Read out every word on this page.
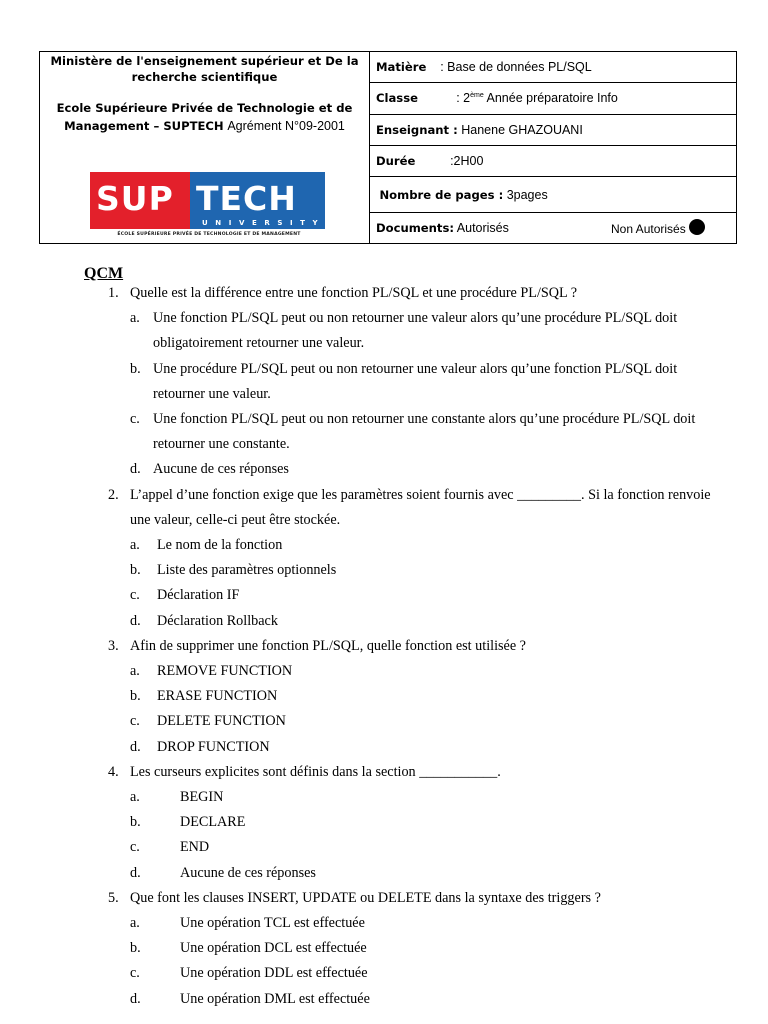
Ministère de l'enseignement supérieur et De la recherche scientifique
Ecole Supérieure Privée de Technologie et de Management – SUPTECH Agrément N°09-2001
SUP TECH
UNIVERSITY
ÉCOLE SUPÉRIEURE PRIVÉE DE TECHNOLOGIE ET DE MANAGEMENT
	Matière : Base de données PL/SQL
Classe	: 2ème Année préparatoire Info
Enseignant : Hanene GHAZOUANI
Durée	:2H00
Nombre de pages : 3pages
Documents: Autorisés	Non Autorisés
QCM
1. Quelle est la différence entre une fonction PL/SQL et une procédure PL/SQL ?
a. Une fonction PL/SQL peut ou non retourner une valeur alors qu’une procédure PL/SQL doit
obligatoirement retourner une valeur.
b. Une procédure PL/SQL peut ou non retourner une valeur alors qu’une fonction PL/SQL doit
retourner une valeur.
c. Une fonction PL/SQL peut ou non retourner une constante alors qu’une procédure PL/SQL doit
retourner une constante.
d. Aucune de ces réponses
2. L’appel d’une fonction exige que les paramètres soient fournis avec _________. Si la fonction renvoie
une valeur, celle-ci peut être stockée.
a. Le nom de la fonction
b. Liste des paramètres optionnels
c. Déclaration IF
d. Déclaration Rollback
3. Afin de supprimer une fonction PL/SQL, quelle fonction est utilisée ?
a. REMOVE FUNCTION
b. ERASE FUNCTION
c. DELETE FUNCTION
d. DROP FUNCTION
4. Les curseurs explicites sont définis dans la section ___________.
a.	BEGIN
b.	DECLARE
c.	END
d.	Aucune de ces réponses
5. Que font les clauses INSERT, UPDATE ou DELETE dans la syntaxe des triggers ?
a.	Une opération TCL est effectuée
b.	Une opération DCL est effectuée
c.	Une opération DDL est effectuée
d.	Une opération DML est effectuée
